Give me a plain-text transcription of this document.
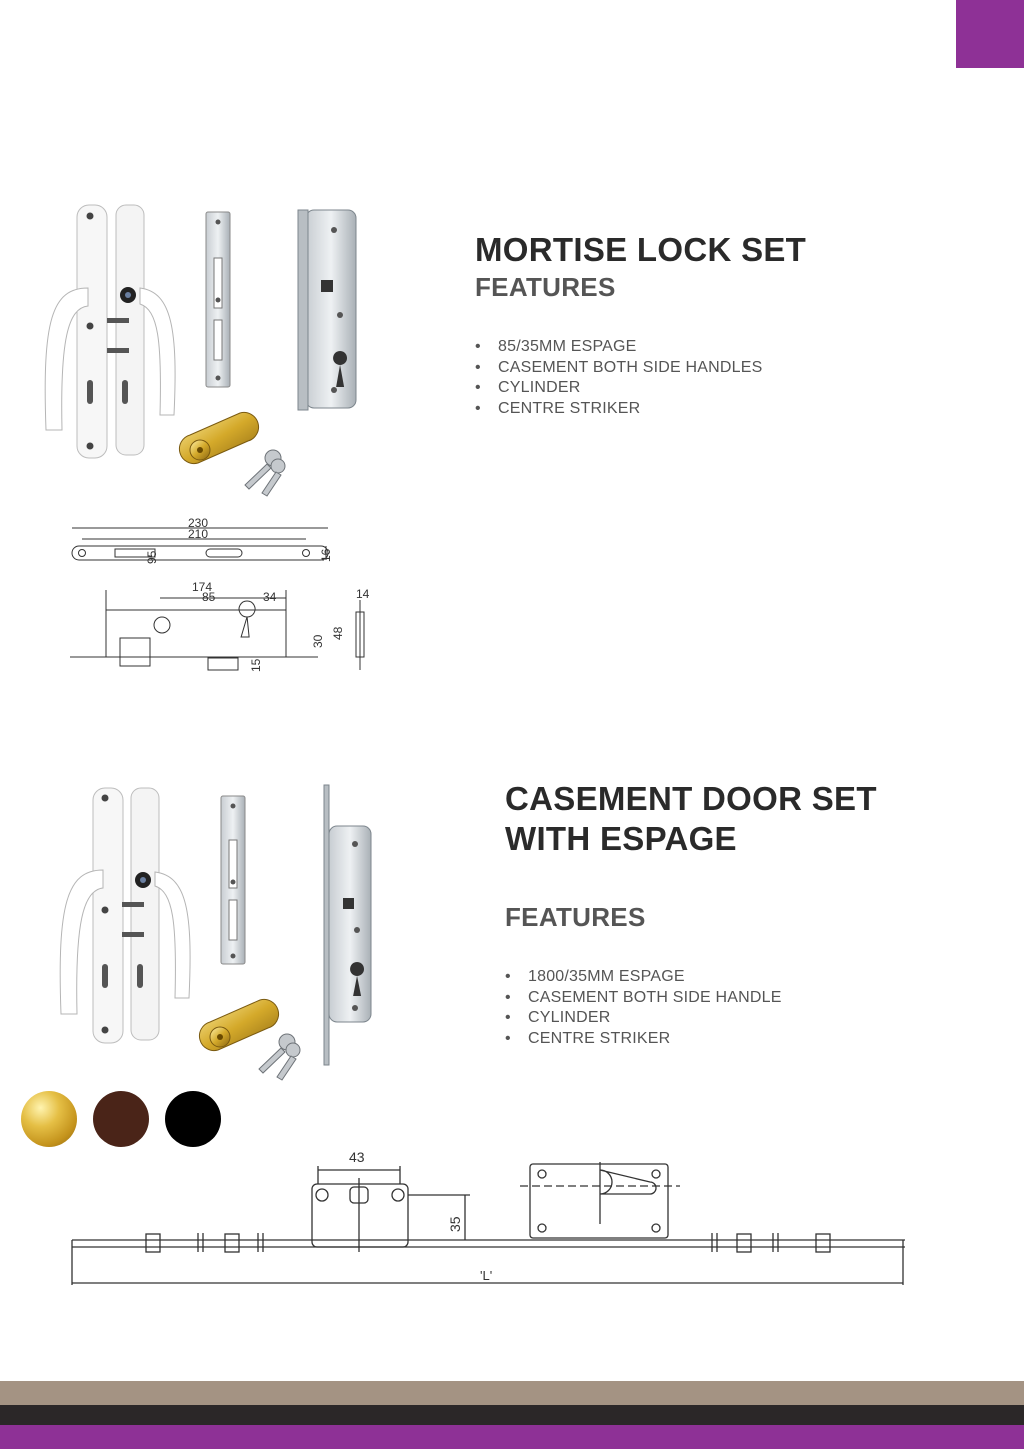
230
210
95	16
174
85	34	14
30
48
15
MORTISE LOCK SET
FEATURES
• 85/35MM ESPAGE
• CASEMENT BOTH SIDE HANDLES
• CYLINDER
• CENTRE STRIKER
CASEMENT DOOR SET
WITH ESPAGE
FEATURES
• 1800/35MM ESPAGE
• CASEMENT BOTH SIDE HANDLE
• CYLINDER
• CENTRE STRIKER
43
35
'L'
